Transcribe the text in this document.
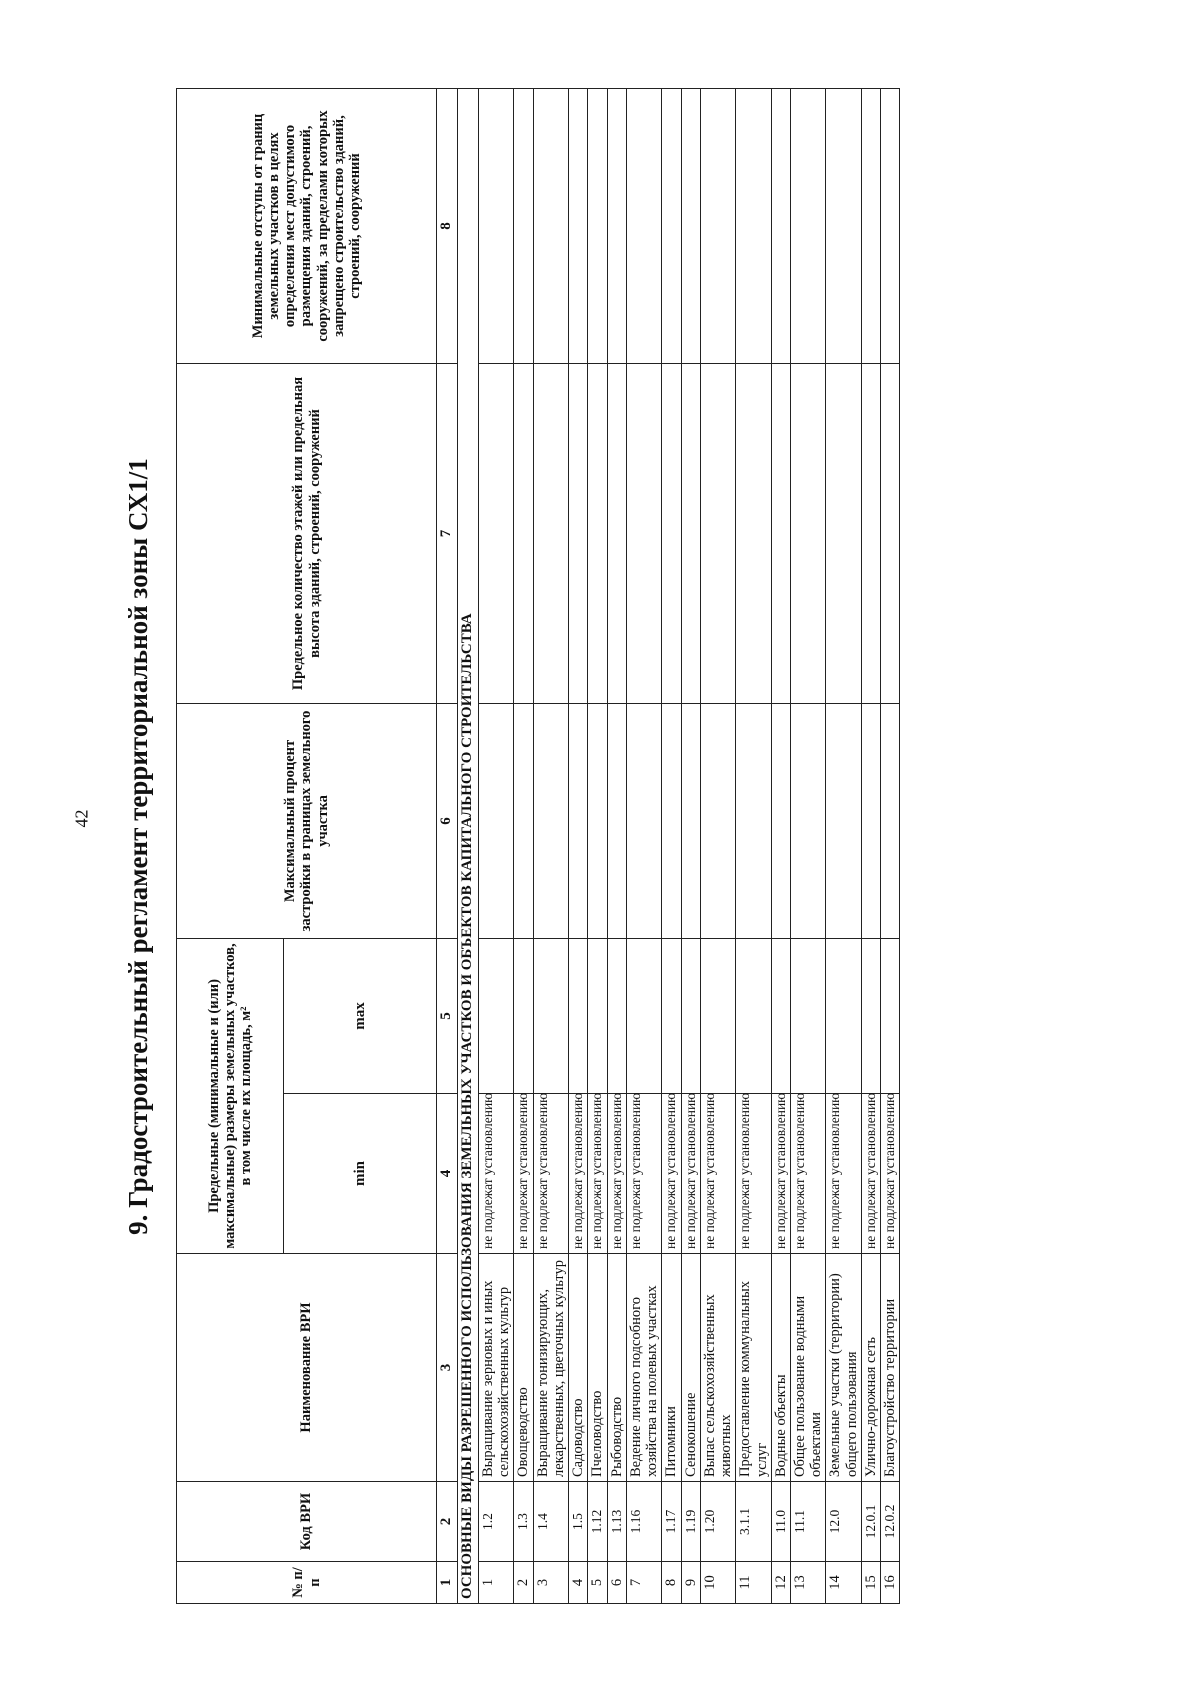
42	9. Градостроительный регламент территориальной зоны СХ1/1
№ п/п	Код ВРИ	Наименование ВРИ	Предельные (минимальные и (или) максимальные) размеры земельных участков, в том числе их площадь, м²		Максимальный процент застройки в границах земельного участка	Предельное количество этажей или предельная высота зданий, строений, сооружений	Минимальные отступы от границ земельных участков в целях определения мест допустимого размещения зданий, строений, сооружений, за пределами которых запрещено строительство зданий, строений, сооружений
			min	max			
1	2	3	4	5	6	7	8
ОСНОВНЫЕ ВИДЫ РАЗРЕШЕННОГО ИСПОЛЬЗОВАНИЯ ЗЕМЕЛЬНЫХ УЧАСТКОВ И ОБЪЕКТОВ КАПИТАЛЬНОГО СТРОИТЕЛЬСТВА							
1	1.2	Выращивание зерновых и иных сельскохозяйственных культур	не подлежат установлению				
2	1.3	Овощеводство	не подлежат установлению				
3	1.4	Выращивание тонизирующих, лекарственных, цветочных культур	не подлежат установлению				
4	1.5	Садоводство	не подлежат установлению				
5	1.12	Пчеловодство	не подлежат установлению				
6	1.13	Рыбоводство	не подлежат установлению				
7	1.16	Ведение личного подсобного хозяйства на полевых участках	не подлежат установлению				
8	1.17	Питомники	не подлежат установлению				
9	1.19	Сенокошение	не подлежат установлению				
10	1.20	Выпас сельскохозяйственных животных	не подлежат установлению				
11	3.1.1	Предоставление коммунальных услуг	не подлежат установлению				
12	11.0	Водные объекты	не подлежат установлению				
13	11.1	Общее пользование водными объектами	не подлежат установлению				
14	12.0	Земельные участки (территории) общего пользования	не подлежат установлению				
15	12.0.1	Улично-дорожная сеть	не подлежат установлению				
16	12.0.2	Благоустройство территории	не подлежат установлению				
